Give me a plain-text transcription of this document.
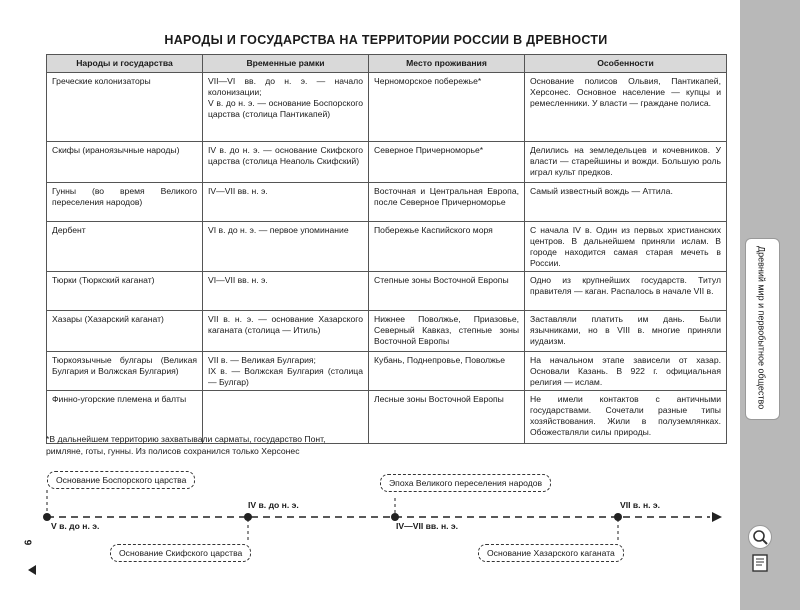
НАРОДЫ И ГОСУДАРСТВА НА ТЕРРИТОРИИ РОССИИ В ДРЕВНОСТИ
Народы и государства	Временные рамки	Место проживания	Особенности
Греческие колонизаторы	VII—VI вв. до н. э. — начало колонизации;
V в. до н. э. — основание Боспорского царства (столица Пантикапей)	Черноморское побережье*	Основание полисов Ольвия, Пантикапей, Херсонес. Основное население — купцы и ремесленники. У власти — граждане полиса.
Скифы (ираноязычные народы)	IV в. до н. э. — основание Скифского царства (столица Неаполь Скифский)	Северное Причерноморье*	Делились на земледельцев и кочевников. У власти — старейшины и вожди. Большую роль играл культ предков.
Гунны (во время Великого переселения народов)	IV—VII вв. н. э.	Восточная и Центральная Европа, после Северное Причерноморье	Самый известный вождь — Аттила.
Дербент	VI в. до н. э. — первое упоминание	Побережье Каспийского моря	С начала IV в. Один из первых христианских центров. В дальнейшем приняли ислам. В городе находится самая старая мечеть в России.
Тюрки (Тюркский каганат)	VI—VII вв. н. э.	Степные зоны Восточной Европы	Одно из крупнейших государств. Титул правителя — каган. Распалось в начале VII в.
Хазары (Хазарский каганат)	VII в. н. э. — основание Хазарского каганата (столица — Итиль)	Нижнее Поволжье, Приазовье, Северный Кавказ, степные зоны Восточной Европы	Заставляли платить им дань. Были язычниками, но в VIII в. многие приняли иудаизм.
Тюркоязычные булгары (Великая Булгария и Волжская Булгария)	VII в. — Великая Булгария;
IX в. — Волжская Булгария (столица — Булгар)	Кубань, Поднепровье, Поволжье	На начальном этапе зависели от хазар. Основали Казань. В 922 г. официальная религия — ислам.
Финно-угорские племена и балты		Лесные зоны Восточной Европы	Не имели контактов с античными государствами. Сочетали разные типы хозяйствования. Жили в полуземлянках. Обожествляли силы природы.
*В дальнейшем территорию захватывали сарматы, государство Понт, римляне, готы, гунны. Из полисов сохранился только Херсонес
Основание Боспорского царства
Основание Скифского царства
Эпоха Великого переселения народов
Основание Хазарского каганата
V в. до н. э.
IV в. до н. э.
IV—VII вв. н. э.
VII в. н. э.
6
Древний мир и первобытное общество
